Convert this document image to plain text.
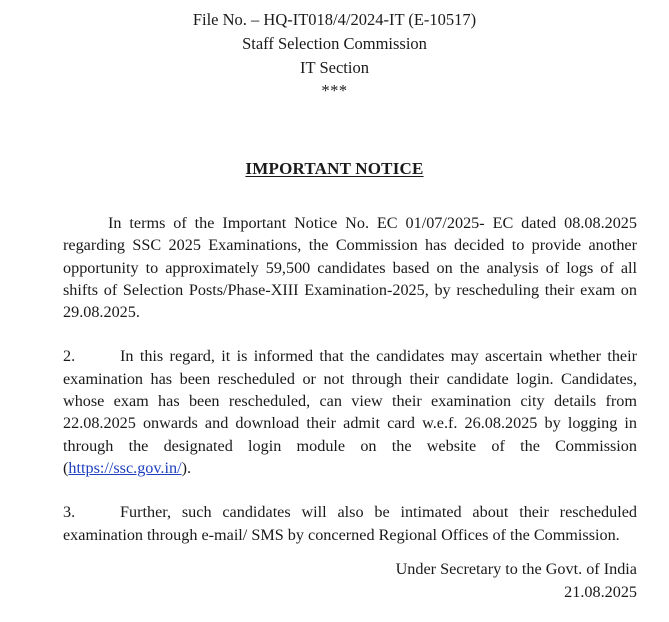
File No. – HQ-IT018/4/2024-IT (E-10517)
Staff Selection Commission
IT Section
***
IMPORTANT NOTICE

In terms of the Important Notice No. EC 01/07/2025- EC dated 08.08.2025 regarding SSC 2025 Examinations, the Commission has decided to provide another opportunity to approximately 59,500 candidates based on the analysis of logs of all shifts of Selection Posts/Phase-XIII Examination-2025, by rescheduling their exam on 29.08.2025.

2.	In this regard, it is informed that the candidates may ascertain whether their examination has been rescheduled or not through their candidate login. Candidates, whose exam has been rescheduled, can view their examination city details from 22.08.2025 onwards and download their admit card w.e.f. 26.08.2025 by logging in through the designated login module on the website of the Commission (https://ssc.gov.in/).

3.	Further, such candidates will also be intimated about their rescheduled examination through e-mail/ SMS by concerned Regional Offices of the Commission.

Under Secretary to the Govt. of India
21.08.2025
